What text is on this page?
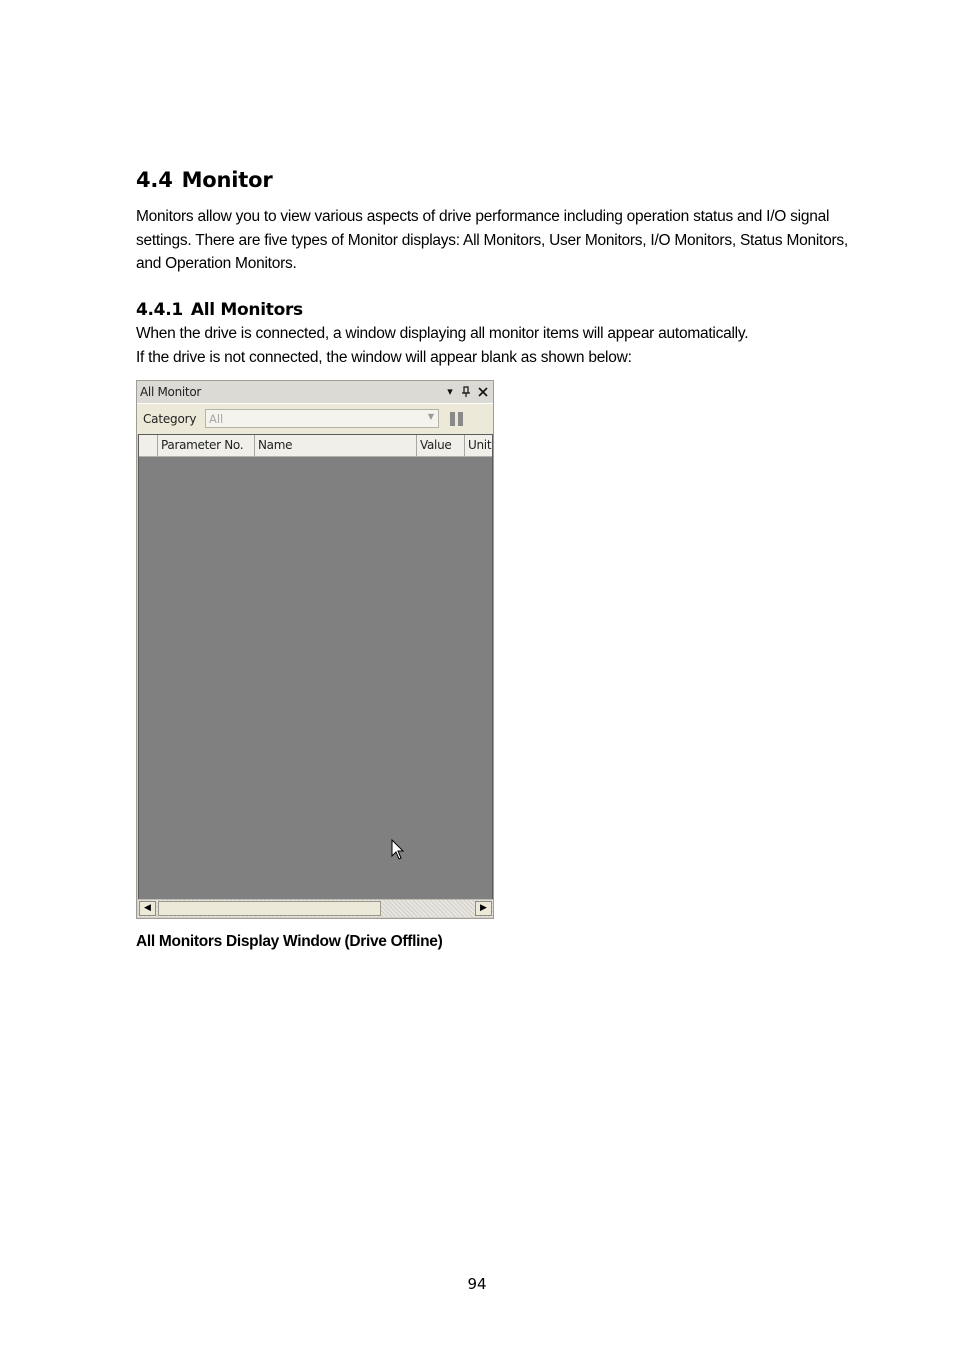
4.4 Monitor
Monitors allow you to view various aspects of drive performance including operation status and I/O signal settings. There are five types of Monitor displays: All Monitors, User Monitors, I/O Monitors, Status Monitors, and Operation Monitors.
4.4.1 All Monitors
When the drive is connected, a window displaying all monitor items will appear automatically.
If the drive is not connected, the window will appear blank as shown below:
All Monitor	▾
Category All	▼
Parameter No.	Name	Value	Unit
◀	▶
All Monitors Display Window (Drive Offline)
94
